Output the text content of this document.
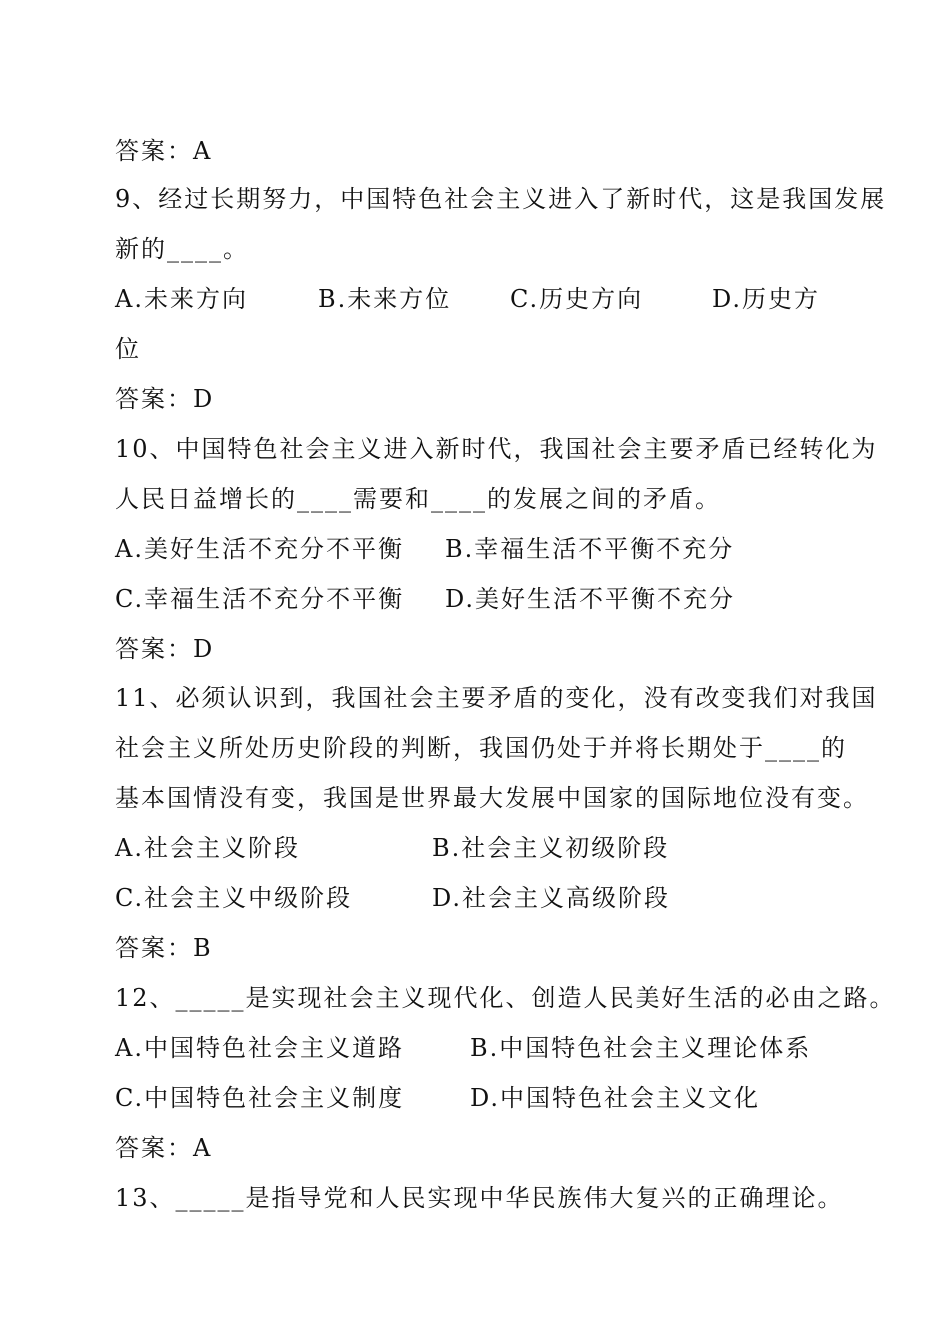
答案：A
9、经过长期努力，中国特色社会主义进入了新时代，这是我国发展
新的____。
A.未来方向	B.未来方位 C.历史方向	D.历史方
位
答案：D
10、中国特色社会主义进入新时代，我国社会主要矛盾已经转化为
人民日益增长的____需要和____的发展之间的矛盾。
A.美好生活不充分不平衡 B.幸福生活不平衡不充分
C.幸福生活不充分不平衡 D.美好生活不平衡不充分
答案：D
11、必须认识到，我国社会主要矛盾的变化，没有改变我们对我国
社会主义所处历史阶段的判断，我国仍处于并将长期处于____的
基本国情没有变，我国是世界最大发展中国家的国际地位没有变。
A.社会主义阶段	B.社会主义初级阶段
C.社会主义中级阶段	D.社会主义高级阶段
答案：B
12、_____是实现社会主义现代化、创造人民美好生活的必由之路。
A.中国特色社会主义道路	B.中国特色社会主义理论体系
C.中国特色社会主义制度	D.中国特色社会主义文化
答案：A
13、_____是指导党和人民实现中华民族伟大复兴的正确理论。
